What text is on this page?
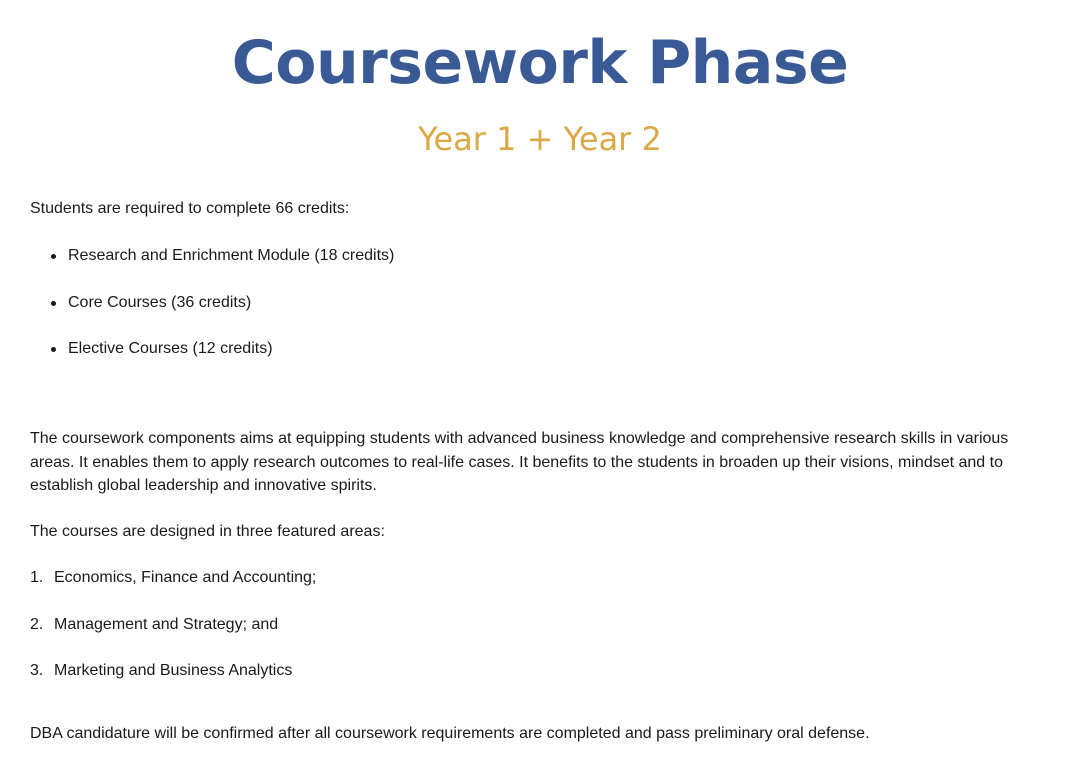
Coursework Phase
Year 1 + Year 2

Students are required to complete 66 credits:

Research and Enrichment Module (18 credits)
Core Courses (36 credits)
Elective Courses (12 credits)

The coursework components aims at equipping students with advanced business knowledge and comprehensive research skills in various areas. It enables them to apply research outcomes to real-life cases. It benefits to the students in broaden up their visions, mindset and to establish global leadership and innovative spirits.

The courses are designed in three featured areas:

1. Economics, Finance and Accounting;
2. Management and Strategy; and
3. Marketing and Business Analytics

DBA candidature will be confirmed after all coursework requirements are completed and pass preliminary oral defense.
